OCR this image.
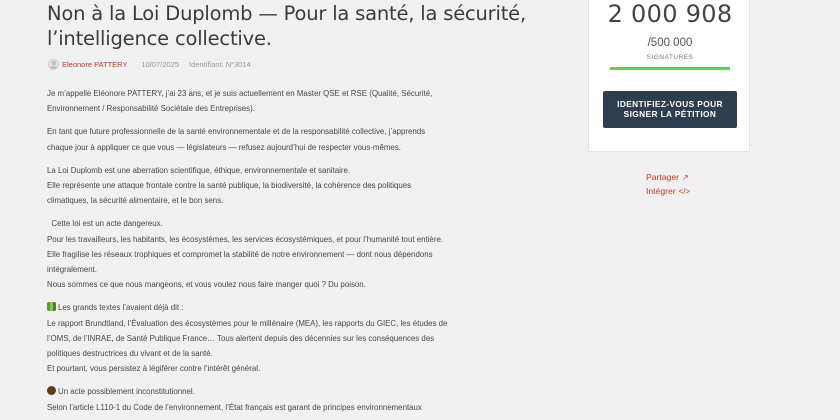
Non à la Loi Duplomb — Pour la santé, la sécurité,
l’intelligence collective.
Eleonore PATTERY 10/07/2025 Identifiant: N°3014

Je m’appelle Eléonore PATTERY, j’ai 23 ans, et je suis actuellement en Master QSE et RSE (Qualité, Sécurité,
Environnement / Responsabilité Sociétale des Entreprises).

En tant que future professionnelle de la santé environnementale et de la responsabilité collective, j’apprends
chaque jour à appliquer ce que vous — législateurs — refusez aujourd’hui de respecter vous-mêmes.

La Loi Duplomb est une aberration scientifique, éthique, environnementale et sanitaire.
Elle représente une attaque frontale contre la santé publique, la biodiversité, la cohérence des politiques
climatiques, la sécurité alimentaire, et le bon sens.

Cette loi est un acte dangereux.
Pour les travailleurs, les habitants, les écosystèmes, les services écosystémiques, et pour l’humanité tout entière.
Elle fragilise les réseaux trophiques et compromet la stabilité de notre environnement — dont nous dépendons
intégralement.
Nous sommes ce que nous mangeons, et vous voulez nous faire manger quoi ? Du poison.

Les grands textes l’avaient déjà dit :
Le rapport Brundtland, l’Évaluation des écosystèmes pour le millénaire (MEA), les rapports du GIEC, les études de
l’OMS, de l’INRAE, de Santé Publique France… Tous alertent depuis des décennies sur les conséquences des
politiques destructrices du vivant et de la santé.
Et pourtant, vous persistez à légiférer contre l’intérêt général.

Un acte possiblement inconstitutionnel.
Selon l’article L110-1 du Code de l’environnement, l’État français est garant de principes environnementaux

2 000 908
/500 000
SIGNATURES
IDENTIFIEZ-VOUS POUR
SIGNER LA PÉTITION
Partager ↗
Intégrer </>
